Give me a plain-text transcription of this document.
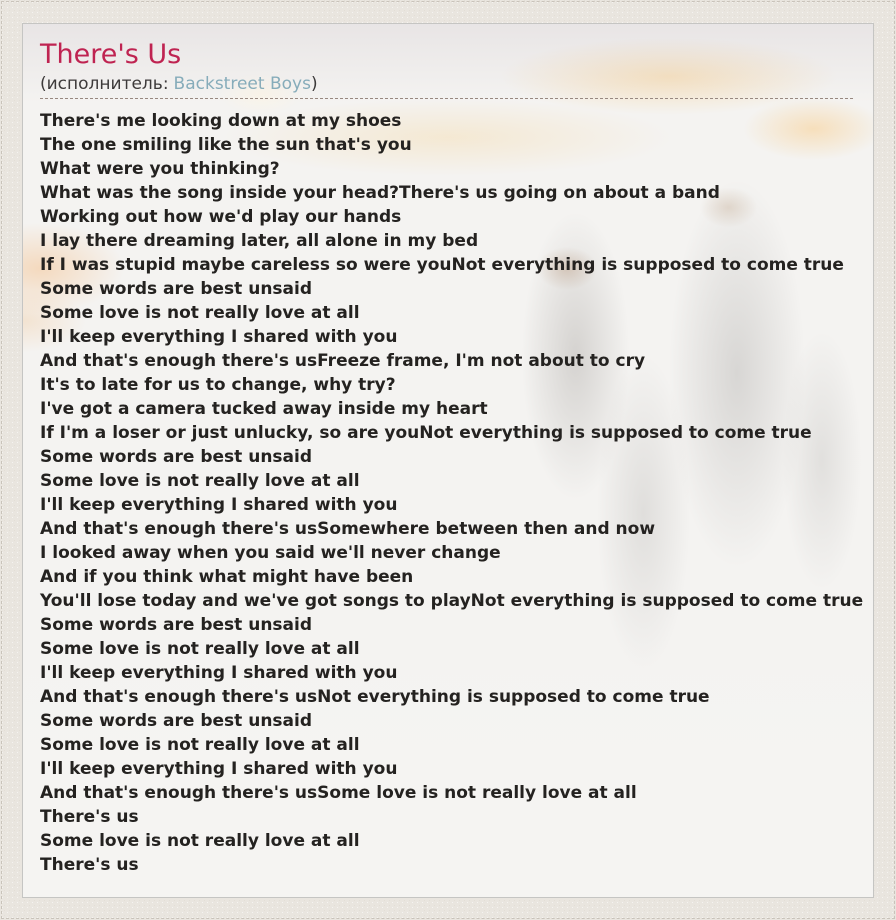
There's Us
(исполнитель: Backstreet Boys)
There's me looking down at my shoes
The one smiling like the sun that's you
What were you thinking?
What was the song inside your head?There's us going on about a band
Working out how we'd play our hands
I lay there dreaming later, all alone in my bed
If I was stupid maybe careless so were youNot everything is supposed to come true
Some words are best unsaid
Some love is not really love at all
I'll keep everything I shared with you
And that's enough there's usFreeze frame, I'm not about to cry
It's to late for us to change, why try?
I've got a camera tucked away inside my heart
If I'm a loser or just unlucky, so are youNot everything is supposed to come true
Some words are best unsaid
Some love is not really love at all
I'll keep everything I shared with you
And that's enough there's usSomewhere between then and now
I looked away when you said we'll never change
And if you think what might have been
You'll lose today and we've got songs to playNot everything is supposed to come true
Some words are best unsaid
Some love is not really love at all
I'll keep everything I shared with you
And that's enough there's usNot everything is supposed to come true
Some words are best unsaid
Some love is not really love at all
I'll keep everything I shared with you
And that's enough there's usSome love is not really love at all
There's us
Some love is not really love at all
There's us
